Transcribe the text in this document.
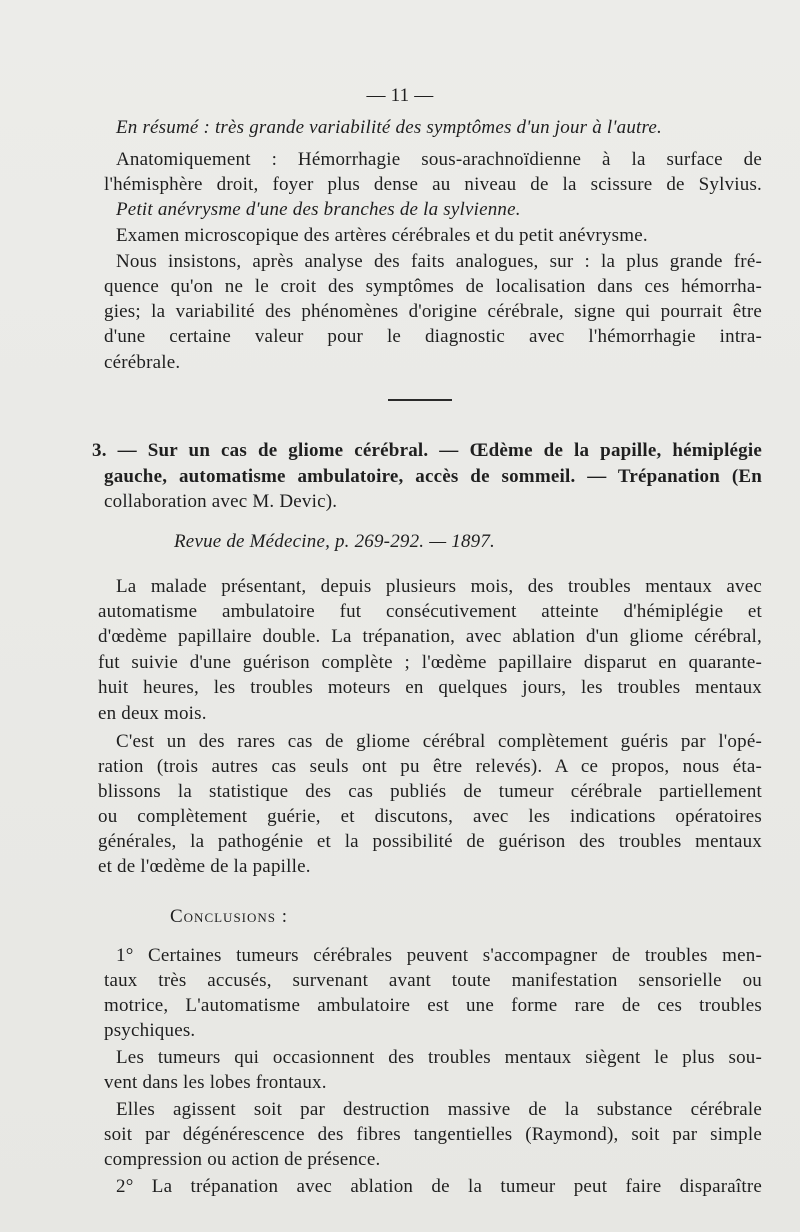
— 11 —
En résumé : très grande variabilité des symptômes d'un jour à l'autre.
Anatomiquement : Hémorrhagie sous-arachnoïdienne à la surface de
l'hémisphère droit, foyer plus dense au niveau de la scissure de Sylvius.
Petit anévrysme d'une des branches de la sylvienne.
Examen microscopique des artères cérébrales et du petit anévrysme.
Nous insistons, après analyse des faits analogues, sur : la plus grande fré-
quence qu'on ne le croit des symptômes de localisation dans ces hémorrha-
gies; la variabilité des phénomènes d'origine cérébrale, signe qui pourrait être
d'une certaine valeur pour le diagnostic avec l'hémorrhagie intra-
cérébrale.
3. — Sur un cas de gliome cérébral. — Œdème de la papille, hémiplégie
gauche, automatisme ambulatoire, accès de sommeil. — Trépanation (En
collaboration avec M. Devic).
Revue de Médecine, p. 269-292. — 1897.
La malade présentant, depuis plusieurs mois, des troubles mentaux avec
automatisme ambulatoire fut consécutivement atteinte d'hémiplégie et
d'œdème papillaire double. La trépanation, avec ablation d'un gliome cérébral,
fut suivie d'une guérison complète ; l'œdème papillaire disparut en quarante-
huit heures, les troubles moteurs en quelques jours, les troubles mentaux
en deux mois.
C'est un des rares cas de gliome cérébral complètement guéris par l'opé-
ration (trois autres cas seuls ont pu être relevés). A ce propos, nous éta-
blissons la statistique des cas publiés de tumeur cérébrale partiellement
ou complètement guérie, et discutons, avec les indications opératoires
générales, la pathogénie et la possibilité de guérison des troubles mentaux
et de l'œdème de la papille.
Conclusions :
1° Certaines tumeurs cérébrales peuvent s'accompagner de troubles men-
taux très accusés, survenant avant toute manifestation sensorielle ou
motrice, L'automatisme ambulatoire est une forme rare de ces troubles
psychiques.
Les tumeurs qui occasionnent des troubles mentaux siègent le plus sou-
vent dans les lobes frontaux.
Elles agissent soit par destruction massive de la substance cérébrale
soit par dégénérescence des fibres tangentielles (Raymond), soit par simple
compression ou action de présence.
2° La trépanation avec ablation de la tumeur peut faire disparaître
